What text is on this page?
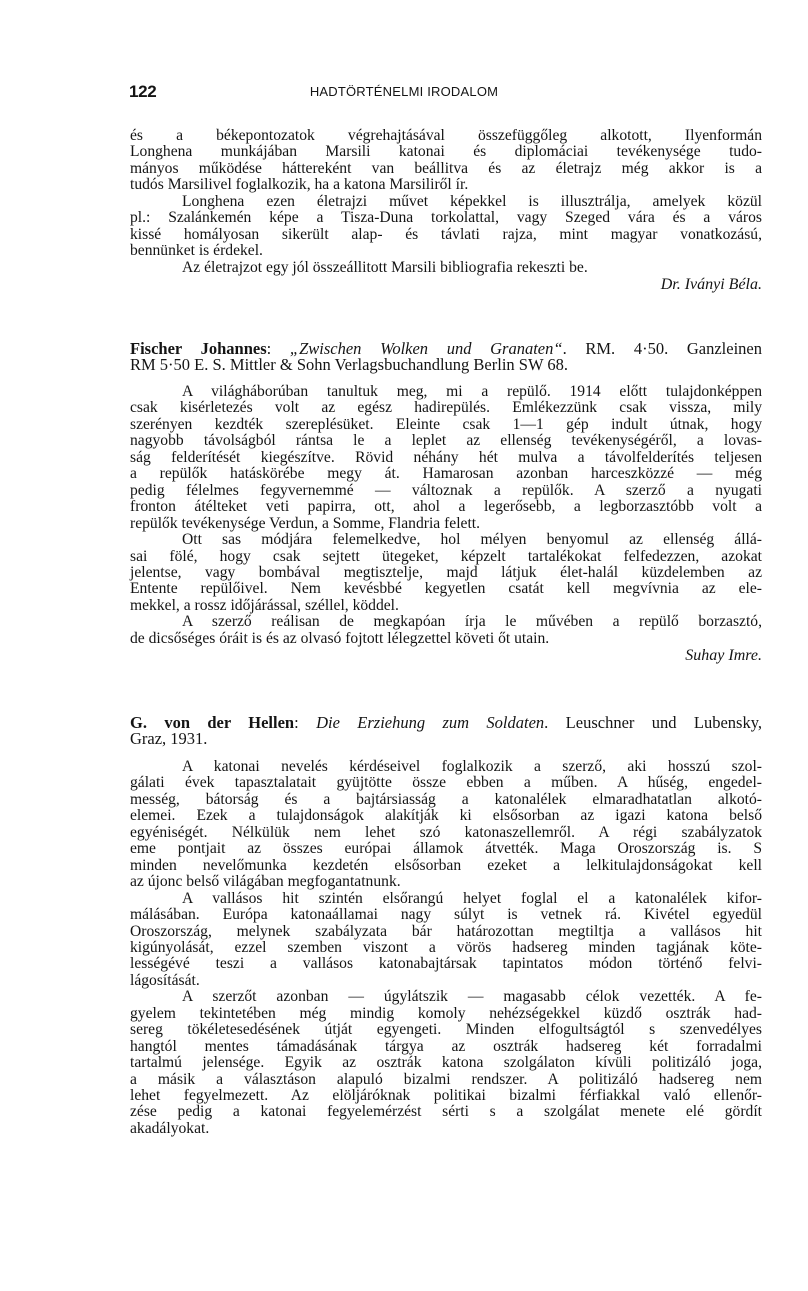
122	HADTÖRTÉNELMI IRODALOM
és a békepontozatok végrehajtásával összefüggőleg alkotott, Ilyenformán
Longhena munkájában Marsili katonai és diplomáciai tevékenysége tudo-
mányos működése háttereként van beállitva és az életrajz még akkor is a
tudós Marsilivel foglalkozik, ha a katona Marsiliről ír.
Longhena ezen életrajzi művet képekkel is illusztrálja, amelyek közül
pl.: Szalánkemén képe a Tisza-Duna torkolattal, vagy Szeged vára és a város
kissé homályosan sikerült alap- és távlati rajza, mint magyar vonatkozású,
bennünket is érdekel.
Az életrajzot egy jól összeállitott Marsili bibliografia rekeszti be.
Dr. Iványi Béla.
Fischer Johannes: „Zwischen Wolken und Granaten“. RM. 4·50. Ganzleinen
RM 5·50 E. S. Mittler & Sohn Verlagsbuchandlung Berlin SW 68.
A világháborúban tanultuk meg, mi a repülő. 1914 előtt tulajdonképpen
csak kisérletezés volt az egész hadirepülés. Emlékezzünk csak vissza, mily
szerényen kezdték szereplésüket. Eleinte csak 1—1 gép indult útnak, hogy
nagyobb távolságból rántsa le a leplet az ellenség tevékenységéről, a lovas-
ság felderítését kiegészítve. Rövid néhány hét mulva a távolfelderítés teljesen
a repülők hatáskörébe megy át. Hamarosan azonban harceszközzé — még
pedig félelmes fegyvernemmé — változnak a repülők. A szerző a nyugati
fronton átélteket veti papirra, ott, ahol a legerősebb, a legborzasztóbb volt a
repülők tevékenysége Verdun, a Somme, Flandria felett.
Ott sas módjára felemelkedve, hol mélyen benyomul az ellenség állá-
sai fölé, hogy csak sejtett ütegeket, képzelt tartalékokat felfedezzen, azokat
jelentse, vagy bombával megtisztelje, majd látjuk élet-halál küzdelemben az
Entente repülőivel. Nem kevésbbé kegyetlen csatát kell megvívnia az ele-
mekkel, a rossz időjárással, széllel, köddel.
A szerző reálisan de megkapóan írja le művében a repülő borzasztó,
de dicsőséges óráit is és az olvasó fojtott lélegzettel követi őt utain.
Suhay Imre.
G. von der Hellen: Die Erziehung zum Soldaten. Leuschner und Lubensky,
Graz, 1931.
A katonai nevelés kérdéseivel foglalkozik a szerző, aki hosszú szol-
gálati évek tapasztalatait gyüjtötte össze ebben a műben. A hűség, engedel-
messég, bátorság és a bajtársiasság a katonalélek elmaradhatatlan alkotó-
elemei. Ezek a tulajdonságok alakítják ki elsősorban az igazi katona belső
egyéniségét. Nélkülük nem lehet szó katonaszellemről. A régi szabályzatok
eme pontjait az összes európai államok átvették. Maga Oroszország is. S
minden nevelőmunka kezdetén elsősorban ezeket a lelkitulajdonságokat kell
az újonc belső világában megfogantatnunk.
A vallásos hit szintén elsőrangú helyet foglal el a katonalélek kifor-
málásában. Európa katonaállamai nagy súlyt is vetnek rá. Kivétel egyedül
Oroszország, melynek szabályzata bár határozottan megtiltja a vallásos hit
kigúnyolását, ezzel szemben viszont a vörös hadsereg minden tagjának köte-
lességévé teszi a vallásos katonabajtársak tapintatos módon történő felvi-
lágosítását.
A szerzőt azonban — úgylátszik — magasabb célok vezették. A fe-
gyelem tekintetében még mindig komoly nehézségekkel küzdő osztrák had-
sereg tökéletesedésének útját egyengeti. Minden elfogultságtól s szenvedélyes
hangtól mentes támadásának tárgya az osztrák hadsereg két forradalmi
tartalmú jelensége. Egyik az osztrák katona szolgálaton kívüli politizáló joga,
a másik a választáson alapuló bizalmi rendszer. A politizáló hadsereg nem
lehet fegyelmezett. Az elöljáróknak politikai bizalmi férfiakkal való ellenőr-
zése pedig a katonai fegyelemérzést sérti s a szolgálat menete elé gördít
akadályokat.
